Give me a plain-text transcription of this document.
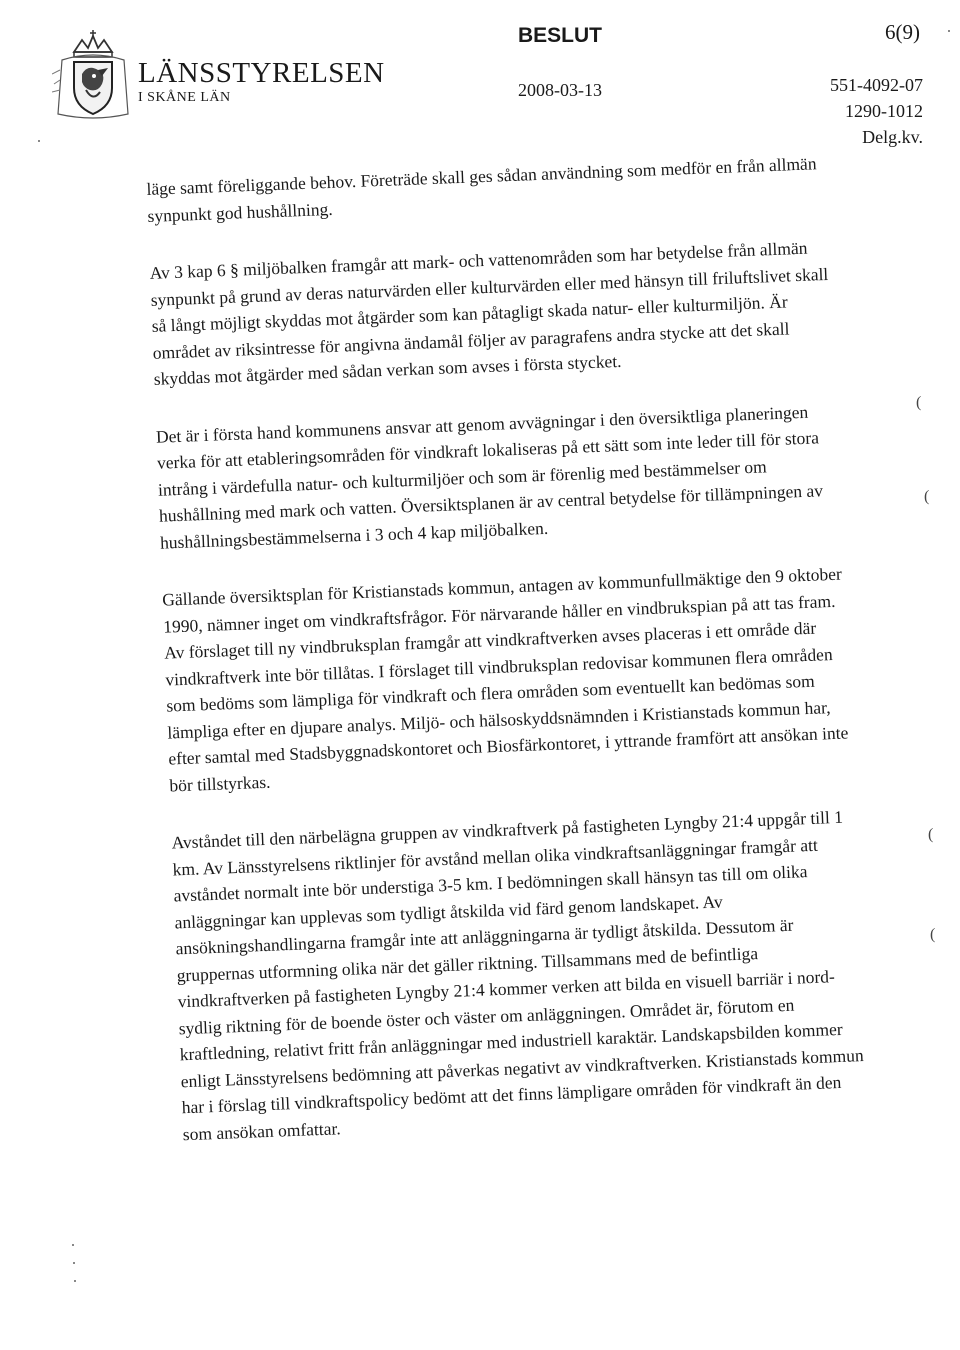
LÄNSSTYRELSEN
I SKÅNE LÄN
BESLUT	6(9)
2008-03-13	551-4092-07
1290-1012
Delg.kv.

läge samt föreliggande behov. Företräde skall ges sådan användning som medför en från allmän synpunkt god hushållning.

Av 3 kap 6 § miljöbalken framgår att mark- och vattenområden som har betydelse från allmän synpunkt på grund av deras naturvärden eller kulturvärden eller med hänsyn till friluftslivet skall så långt möjligt skyddas mot åtgärder som kan påtagligt skada natur- eller kulturmiljön. Är området av riksintresse för angivna ändamål följer av paragrafens andra stycke att det skall skyddas mot åtgärder med sådan verkan som avses i första stycket.

Det är i första hand kommunens ansvar att genom avvägningar i den översiktliga planeringen verka för att etableringsområden för vindkraft lokaliseras på ett sätt som inte leder till för stora intrång i värdefulla natur- och kulturmiljöer och som är förenlig med bestämmelser om hushållning med mark och vatten. Översiktsplanen är av central betydelse för tillämpningen av hushållningsbestämmelserna i 3 och 4 kap miljöbalken.

Gällande översiktsplan för Kristianstads kommun, antagen av kommunfullmäktige den 9 oktober 1990, nämner inget om vindkraftsfrågor. För närvarande håller en vindbrukspian på att tas fram. Av förslaget till ny vindbruksplan framgår att vindkraftverken avses placeras i ett område där vindkraftverk inte bör tillåtas. I förslaget till vindbruksplan redovisar kommunen flera områden som bedöms som lämpliga för vindkraft och flera områden som eventuellt kan bedömas som lämpliga efter en djupare analys. Miljö- och hälsoskyddsnämnden i Kristianstads kommun har, efter samtal med Stadsbyggnadskontoret och Biosfärkontoret, i yttrande framfört att ansökan inte bör tillstyrkas.

Avståndet till den närbelägna gruppen av vindkraftverk på fastigheten Lyngby 21:4 uppgår till 1 km. Av Länsstyrelsens riktlinjer för avstånd mellan olika vindkraftsanläggningar framgår att avståndet normalt inte bör understiga 3-5 km. I bedömningen skall hänsyn tas till om olika anläggningar kan upplevas som tydligt åtskilda vid färd genom landskapet. Av ansökningshandlingarna framgår inte att anläggningarna är tydligt åtskilda. Dessutom är gruppernas utformning olika när det gäller riktning. Tillsammans med de befintliga vindkraftverken på fastigheten Lyngby 21:4 kommer verken att bilda en visuell barriär i nord-sydlig riktning för de boende öster och väster om anläggningen. Området är, förutom en kraftledning, relativt fritt från anläggningar med industriell karaktär. Landskapsbilden kommer enligt Länsstyrelsens bedömning att påverkas negativt av vindkraftverken. Kristianstads kommun har i förslag till vindkraftspolicy bedömt att det finns lämpligare områden för vindkraft än den som ansökan omfattar.

(
(
(
(
